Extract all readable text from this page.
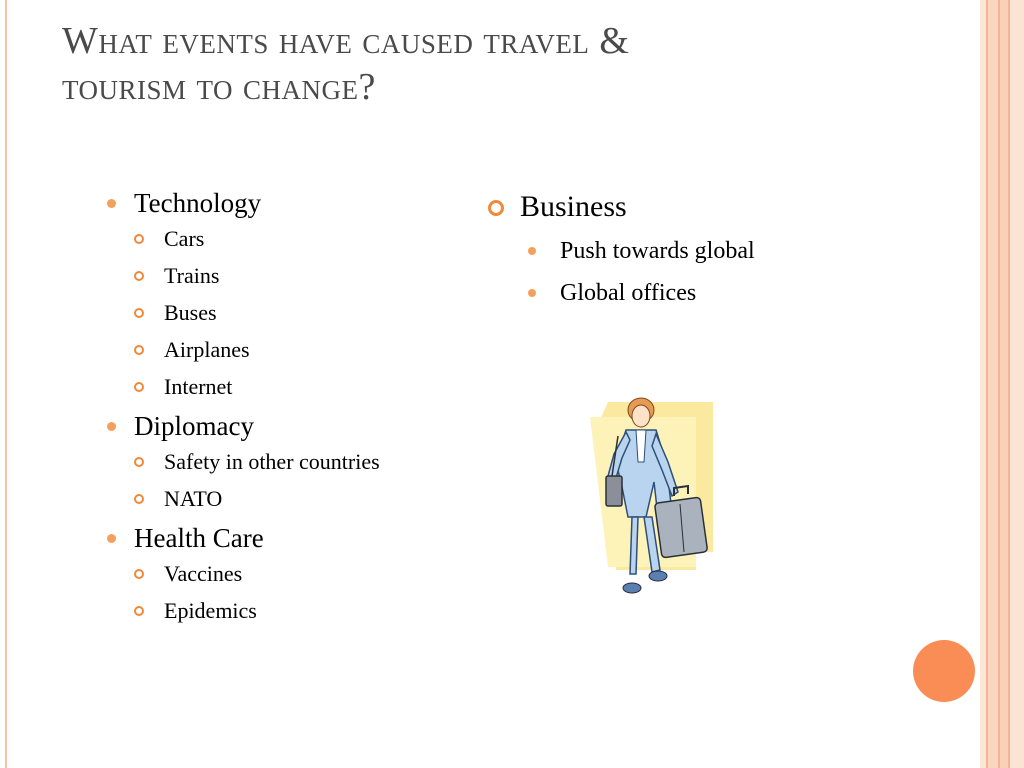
What events have caused travel &
tourism to change?
Technology
Cars
Trains
Buses
Airplanes
Internet
Diplomacy
Safety in other countries
NATO
Health Care
Vaccines
Epidemics
Business
Push towards global
Global offices
